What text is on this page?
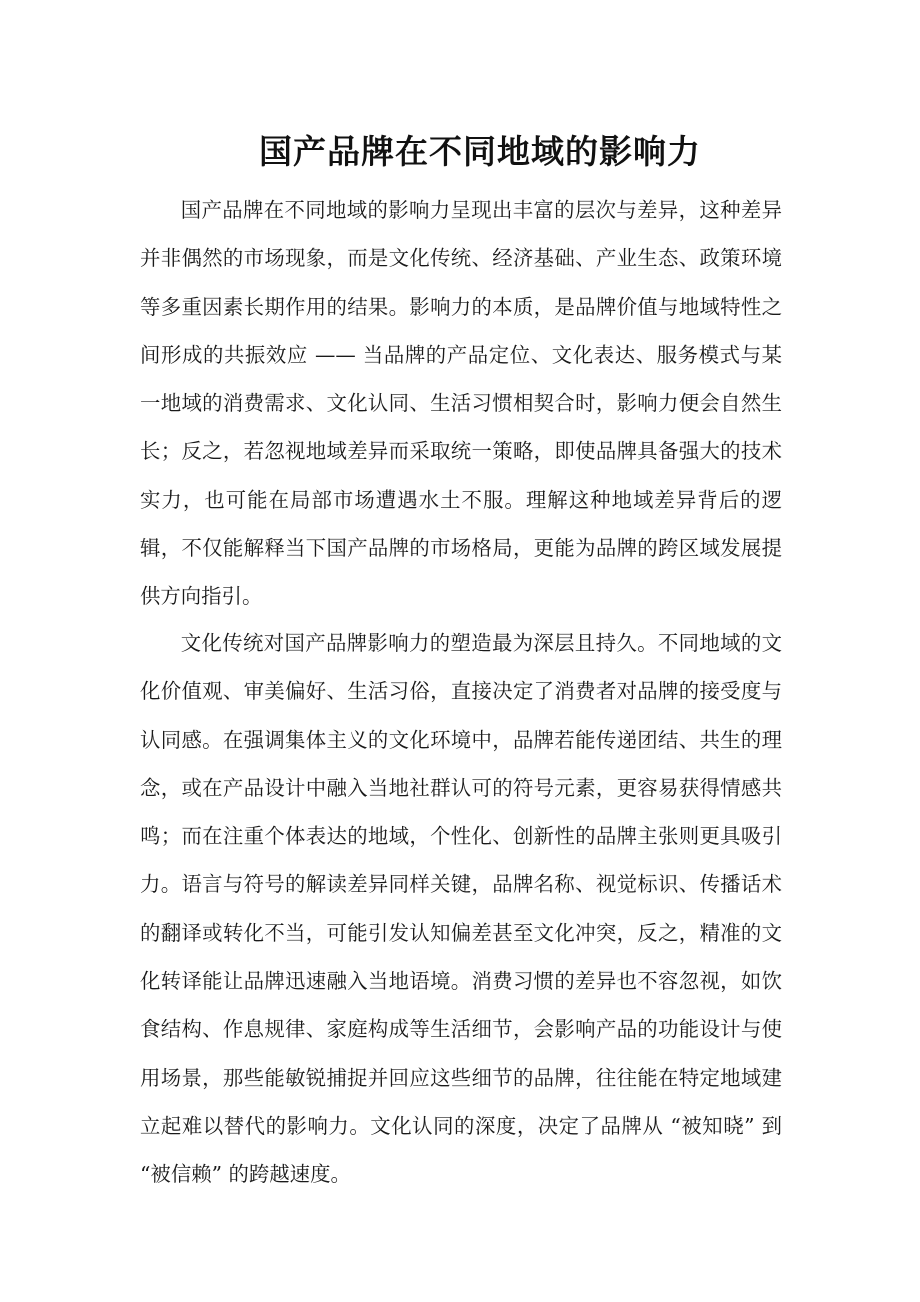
国产品牌在不同地域的影响力

国产品牌在不同地域的影响力呈现出丰富的层次与差异，这种差异并非偶然的市场现象，而是文化传统、经济基础、产业生态、政策环境等多重因素长期作用的结果。影响力的本质，是品牌价值与地域特性之间形成的共振效应 —— 当品牌的产品定位、文化表达、服务模式与某一地域的消费需求、文化认同、生活习惯相契合时，影响力便会自然生长；反之，若忽视地域差异而采取统一策略，即使品牌具备强大的技术实力，也可能在局部市场遭遇水土不服。理解这种地域差异背后的逻辑，不仅能解释当下国产品牌的市场格局，更能为品牌的跨区域发展提供方向指引。

文化传统对国产品牌影响力的塑造最为深层且持久。不同地域的文化价值观、审美偏好、生活习俗，直接决定了消费者对品牌的接受度与认同感。在强调集体主义的文化环境中，品牌若能传递团结、共生的理念，或在产品设计中融入当地社群认可的符号元素，更容易获得情感共鸣；而在注重个体表达的地域，个性化、创新性的品牌主张则更具吸引力。语言与符号的解读差异同样关键，品牌名称、视觉标识、传播话术的翻译或转化不当，可能引发认知偏差甚至文化冲突，反之，精准的文化转译能让品牌迅速融入当地语境。消费习惯的差异也不容忽视，如饮食结构、作息规律、家庭构成等生活细节，会影响产品的功能设计与使用场景，那些能敏锐捕捉并回应这些细节的品牌，往往能在特定地域建立起难以替代的影响力。文化认同的深度，决定了品牌从 “被知晓” 到 “被信赖” 的跨越速度。
